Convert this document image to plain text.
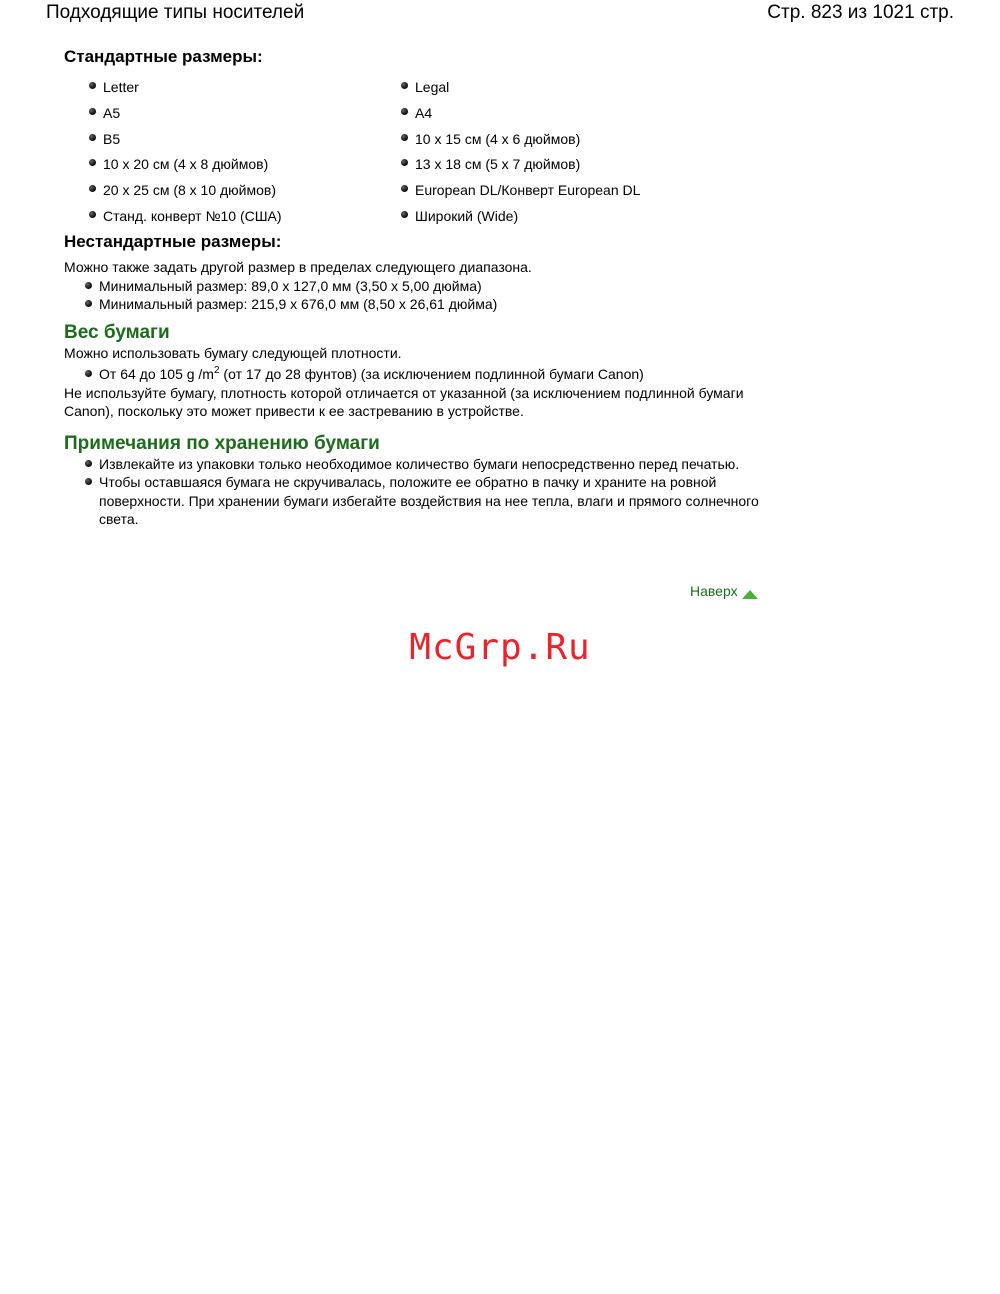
Подходящие типы носителей	Стр. 823 из 1021 стр.
Стандартные размеры:
Letter
A5
B5
10 x 20 см (4 x 8 дюймов)
20 x 25 см (8 x 10 дюймов)
Станд. конверт №10 (США)
Legal
A4
10 x 15 см (4 x 6 дюймов)
13 x 18 см (5 x 7 дюймов)
European DL/Конверт European DL
Широкий (Wide)
Нестандартные размеры:

Можно также задать другой размер в пределах следующего диапазона.

Минимальный размер: 89,0 x 127,0 мм (3,50 x 5,00 дюйма)
Минимальный размер: 215,9 x 676,0 мм (8,50 x 26,61 дюйма)
Вес бумаги

Можно использовать бумагу следующей плотности.

От 64 до 105 g $/m^2$ (от 17 до 28 фунтов) (за исключением подлинной бумаги Canon)

Не используйте бумагу, плотность которой отличается от указанной (за исключением подлинной бумаги Canon), поскольку это может привести к ее застреванию в устройстве.

Примечания по хранению бумаги
Извлекайте из упаковки только необходимое количество бумаги непосредственно перед печатью.
Чтобы оставшаяся бумага не скручивалась, положите ее обратно в пачку и храните на ровной поверхности. При хранении бумаги избегайте воздействия на нее тепла, влаги и прямого солнечного света.
Наверх
McGrp.Ru
